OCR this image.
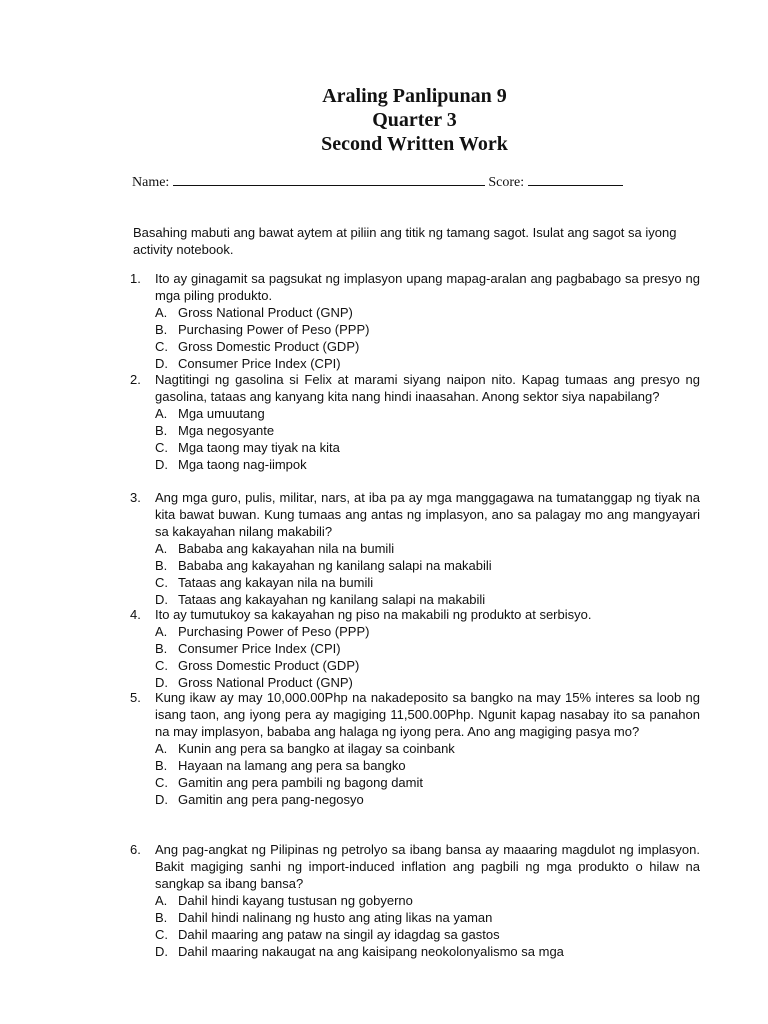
Araling Panlipunan 9
Quarter 3
Second Written Work
Name:	Score:

Basahing mabuti ang bawat aytem at piliin ang titik ng tamang sagot. Isulat ang sagot sa iyong activity notebook.

1. Ito ay ginagamit sa pagsukat ng implasyon upang mapag-aralan ang pagbabago sa presyo ng mga piling produkto.
A. Gross National Product (GNP)
B. Purchasing Power of Peso (PPP)
C. Gross Domestic Product (GDP)
D. Consumer Price Index (CPI)
2. Nagtitingi ng gasolina si Felix at marami siyang naipon nito. Kapag tumaas ang presyo ng gasolina, tataas ang kanyang kita nang hindi inaasahan. Anong sektor siya napabilang?
A. Mga umuutang
B. Mga negosyante
C. Mga taong may tiyak na kita
D. Mga taong nag-iimpok
3. Ang mga guro, pulis, militar, nars, at iba pa ay mga manggagawa na tumatanggap ng tiyak na kita bawat buwan. Kung tumaas ang antas ng implasyon, ano sa palagay mo ang mangyayari sa kakayahan nilang makabili?
A. Bababa ang kakayahan nila na bumili
B. Bababa ang kakayahan ng kanilang salapi na makabili
C. Tataas ang kakayan nila na bumili
D. Tataas ang kakayahan ng kanilang salapi na makabili
4. Ito ay tumutukoy sa kakayahan ng piso na makabili ng produkto at serbisyo.
A. Purchasing Power of Peso (PPP)
B. Consumer Price Index (CPI)
C. Gross Domestic Product (GDP)
D. Gross National Product (GNP)
5. Kung ikaw ay may 10,000.00Php na nakadeposito sa bangko na may 15% interes sa loob ng isang taon, ang iyong pera ay magiging 11,500.00Php. Ngunit kapag nasabay ito sa panahon na may implasyon, bababa ang halaga ng iyong pera. Ano ang magiging pasya mo?
A. Kunin ang pera sa bangko at ilagay sa coinbank
B. Hayaan na lamang ang pera sa bangko
C. Gamitin ang pera pambili ng bagong damit
D. Gamitin ang pera pang-negosyo
6. Ang pag-angkat ng Pilipinas ng petrolyo sa ibang bansa ay maaaring magdulot ng implasyon. Bakit magiging sanhi ng import-induced inflation ang pagbili ng mga produkto o hilaw na sangkap sa ibang bansa?
A. Dahil hindi kayang tustusan ng gobyerno
B. Dahil hindi nalinang ng husto ang ating likas na yaman
C. Dahil maaring ang pataw na singil ay idagdag sa gastos
D. Dahil maaring nakaugat na ang kaisipang neokolonyalismo sa mga
